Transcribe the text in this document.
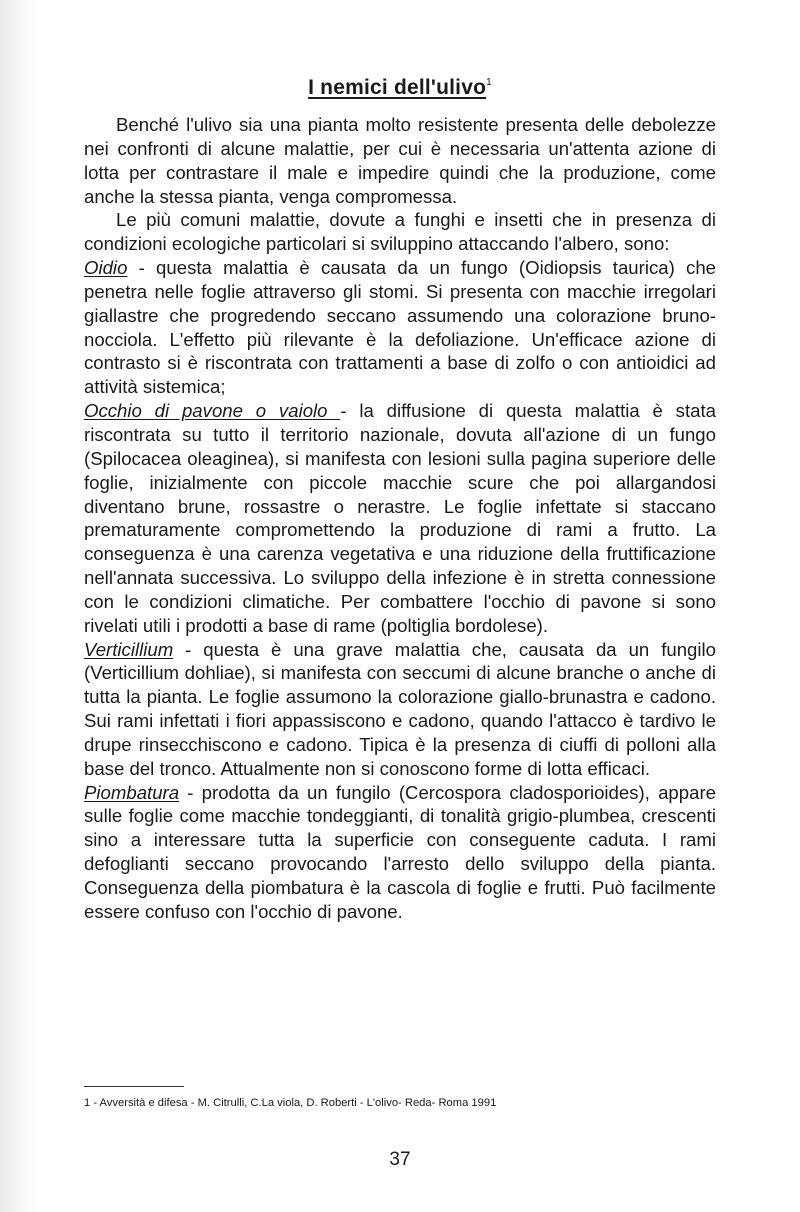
I nemici dell'ulivo$^1$

Benché l'ulivo sia una pianta molto resistente presenta delle debolezze nei confronti di alcune malattie, per cui è necessaria un'attenta azione di lotta per contrastare il male e impedire quindi che la produzione, come anche la stessa pianta, venga compromessa.

Le più comuni malattie, dovute a funghi e insetti che in presenza di condizioni ecologiche particolari si sviluppino attaccando l'albero, sono:

Oidio - questa malattia è causata da un fungo (Oidiopsis taurica) che penetra nelle foglie attraverso gli stomi. Si presenta con macchie irregolari giallastre che progredendo seccano assumendo una colorazione bruno-nocciola. L'effetto più rilevante è la defoliazione. Un'efficace azione di contrasto si è riscontrata con trattamenti a base di zolfo o con antioidici ad attività sistemica;

Occhio di pavone o vaiolo - la diffusione di questa malattia è stata riscontrata su tutto il territorio nazionale, dovuta all'azione di un fungo (Spilocacea oleaginea), si manifesta con lesioni sulla pagina superiore delle foglie, inizialmente con piccole macchie scure che poi allargandosi diventano brune, rossastre o nerastre. Le foglie infettate si staccano prematuramente compromettendo la produzione di rami a frutto. La conseguenza è una carenza vegetativa e una riduzione della fruttificazione nell'annata successiva. Lo sviluppo della infezione è in stretta connessione con le condizioni climatiche. Per combattere l'occhio di pavone si sono rivelati utili i prodotti a base di rame (poltiglia bordolese).

Verticillium - questa è una grave malattia che, causata da un fungilo (Verticillium dohliae), si manifesta con seccumi di alcune branche o anche di tutta la pianta. Le foglie assumono la colorazione giallo-brunastra e cadono. Sui rami infettati i fiori appassiscono e cadono, quando l'attacco è tardivo le drupe rinsecchiscono e cadono. Tipica è la presenza di ciuffi di polloni alla base del tronco. Attualmente non si conoscono forme di lotta efficaci.

Piombatura - prodotta da un fungilo (Cercospora cladosporioides), appare sulle foglie come macchie tondeggianti, di tonalità grigio-plumbea, crescenti sino a interessare tutta la superficie con conseguente caduta. I rami defoglianti seccano provocando l'arresto dello sviluppo della pianta. Conseguenza della piombatura è la cascola di foglie e frutti. Può facilmente essere confuso con l'occhio di pavone.

1 - Avversità e difesa - M. Citrulli, C.La viola, D. Roberti - L'olivo- Reda- Roma 1991
37
